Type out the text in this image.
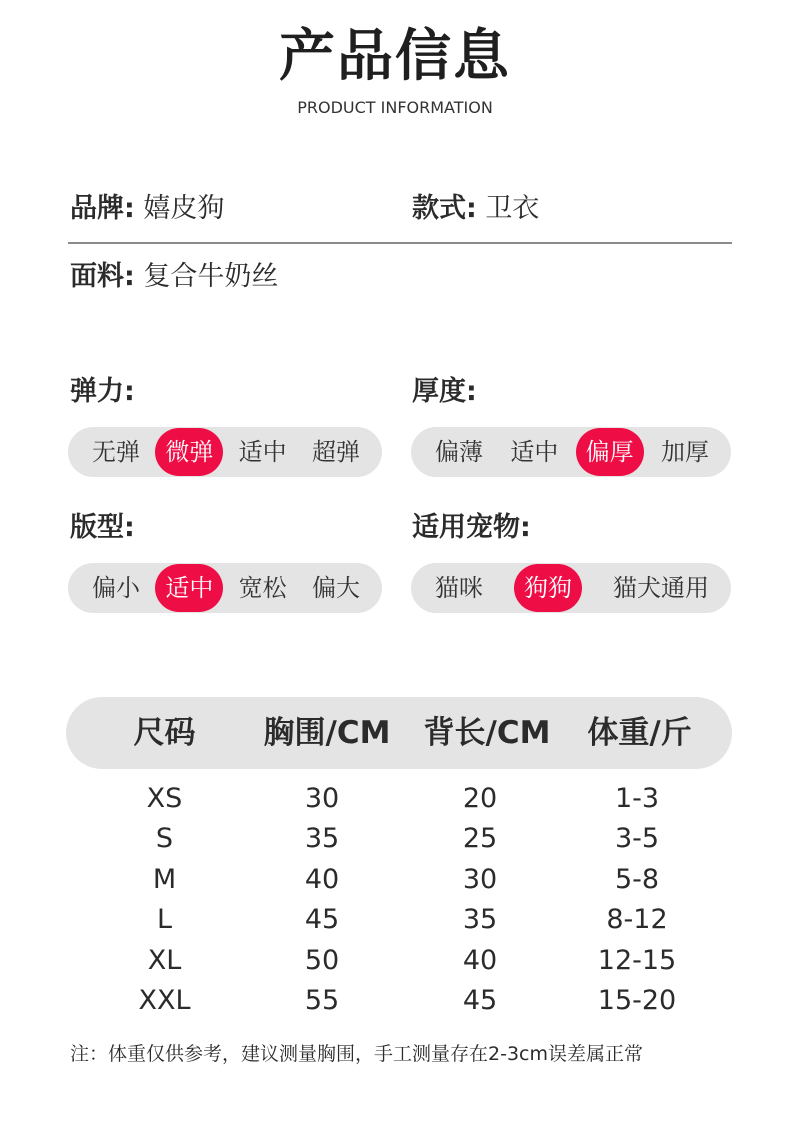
产品信息
PRODUCT INFORMATION
品牌: 嬉皮狗	款式: 卫衣
面料: 复合牛奶丝
弹力:
无弹	微弹	适中	超弹
厚度:
偏薄	适中	偏厚	加厚
版型:
偏小	适中	宽松	偏大
适用宠物:
猫咪	狗狗	猫犬通用
尺码	胸围/CM	背长/CM	体重/斤
XS	30	20	1-3
S	35	25	3-5
M	40	30	5-8
L	45	35	8-12
XL	50	40	12-15
XXL	55	45	15-20
注：体重仅供参考，建议测量胸围，手工测量存在2-3cm误差属正常
